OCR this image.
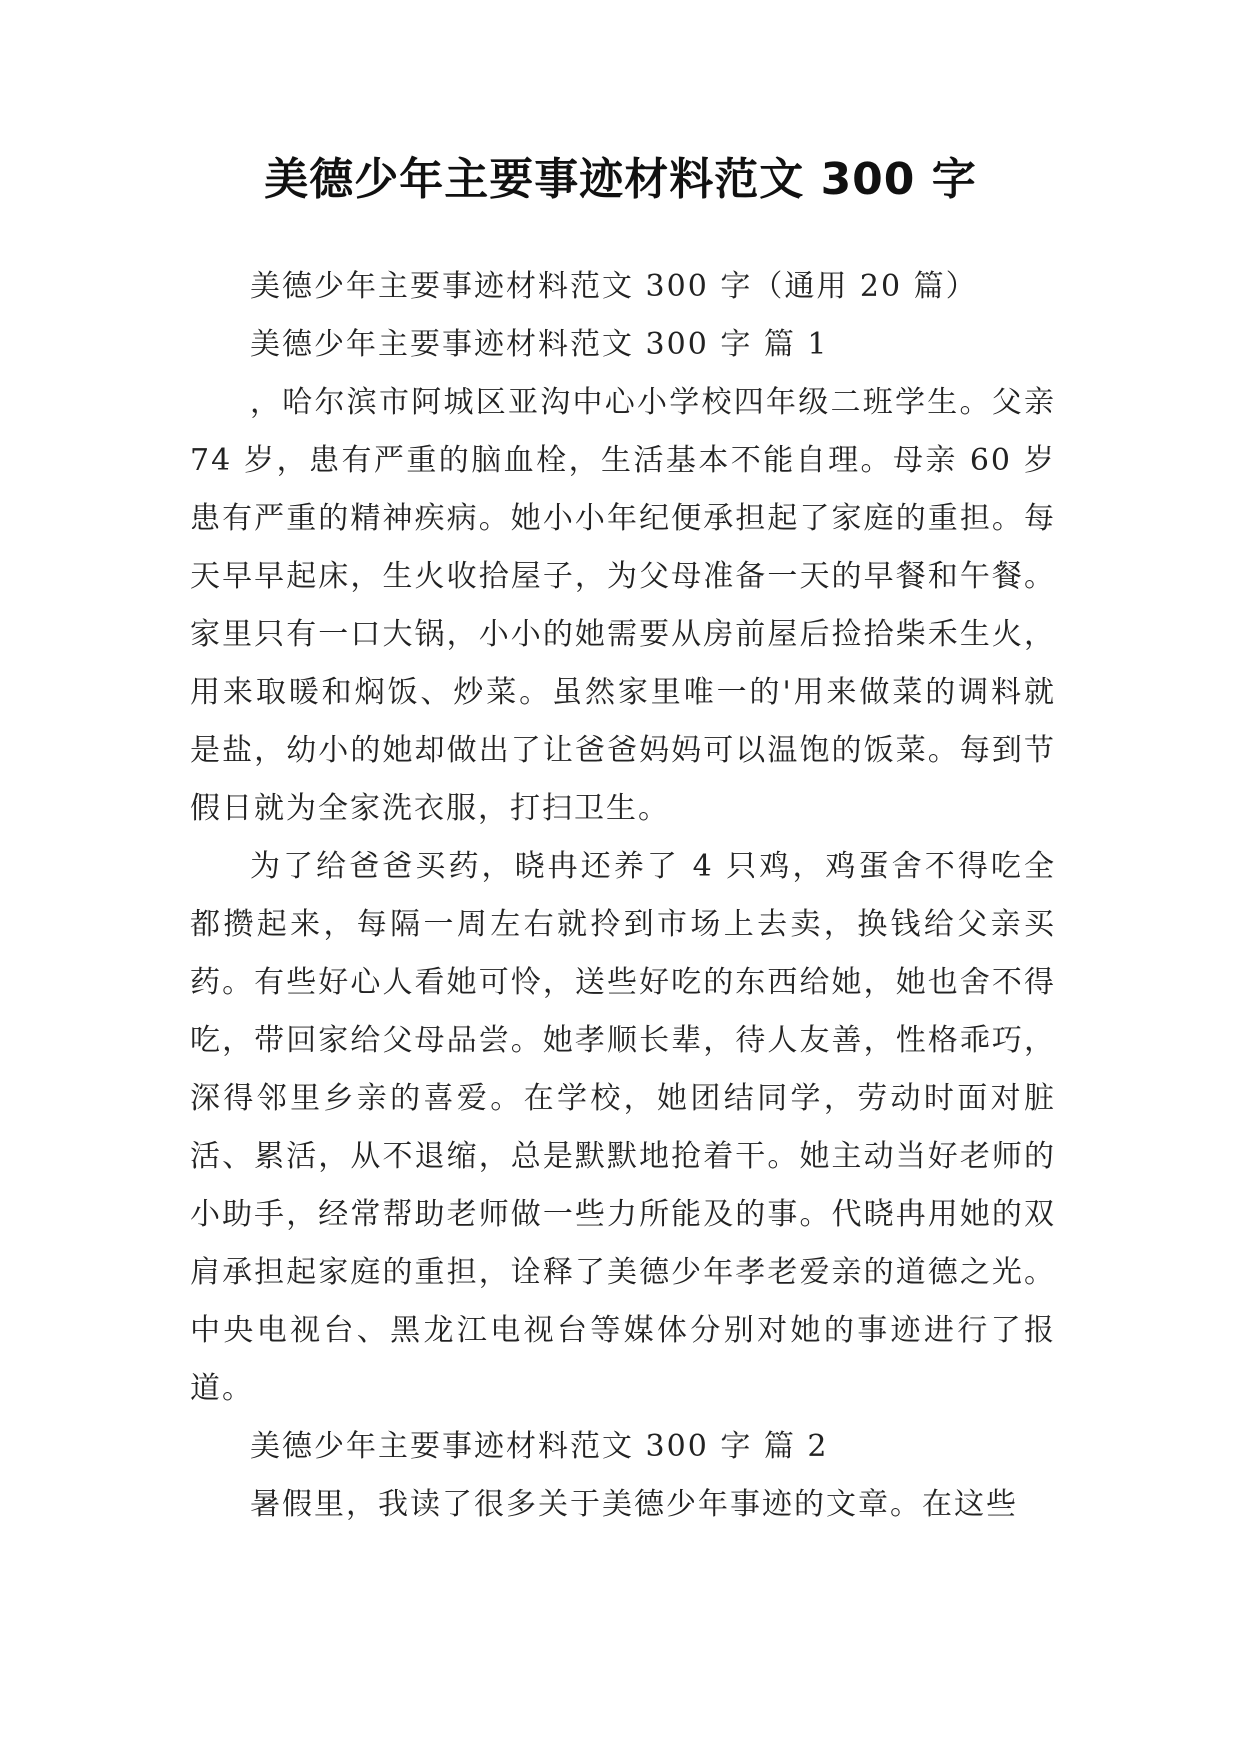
美德少年主要事迹材料范文 300 字

美德少年主要事迹材料范文 300 字（通用 20 篇）

美德少年主要事迹材料范文 300 字 篇 1

，哈尔滨市阿城区亚沟中心小学校四年级二班学生。父亲 74 岁，患有严重的脑血栓，生活基本不能自理。母亲 60 岁患有严重的精神疾病。她小小年纪便承担起了家庭的重担。每天早早起床，生火收拾屋子，为父母准备一天的早餐和午餐。家里只有一口大锅，小小的她需要从房前屋后捡拾柴禾生火，用来取暖和焖饭、炒菜。虽然家里唯一的'用来做菜的调料就是盐，幼小的她却做出了让爸爸妈妈可以温饱的饭菜。每到节假日就为全家洗衣服，打扫卫生。

为了给爸爸买药，晓冉还养了 4 只鸡，鸡蛋舍不得吃全都攒起来，每隔一周左右就拎到市场上去卖，换钱给父亲买药。有些好心人看她可怜，送些好吃的东西给她，她也舍不得吃，带回家给父母品尝。她孝顺长辈，待人友善，性格乖巧，深得邻里乡亲的喜爱。在学校，她团结同学，劳动时面对脏活、累活，从不退缩，总是默默地抢着干。她主动当好老师的小助手，经常帮助老师做一些力所能及的事。代晓冉用她的双肩承担起家庭的重担，诠释了美德少年孝老爱亲的道德之光。中央电视台、黑龙江电视台等媒体分别对她的事迹进行了报道。

美德少年主要事迹材料范文 300 字 篇 2

暑假里，我读了很多关于美德少年事迹的文章。在这些
